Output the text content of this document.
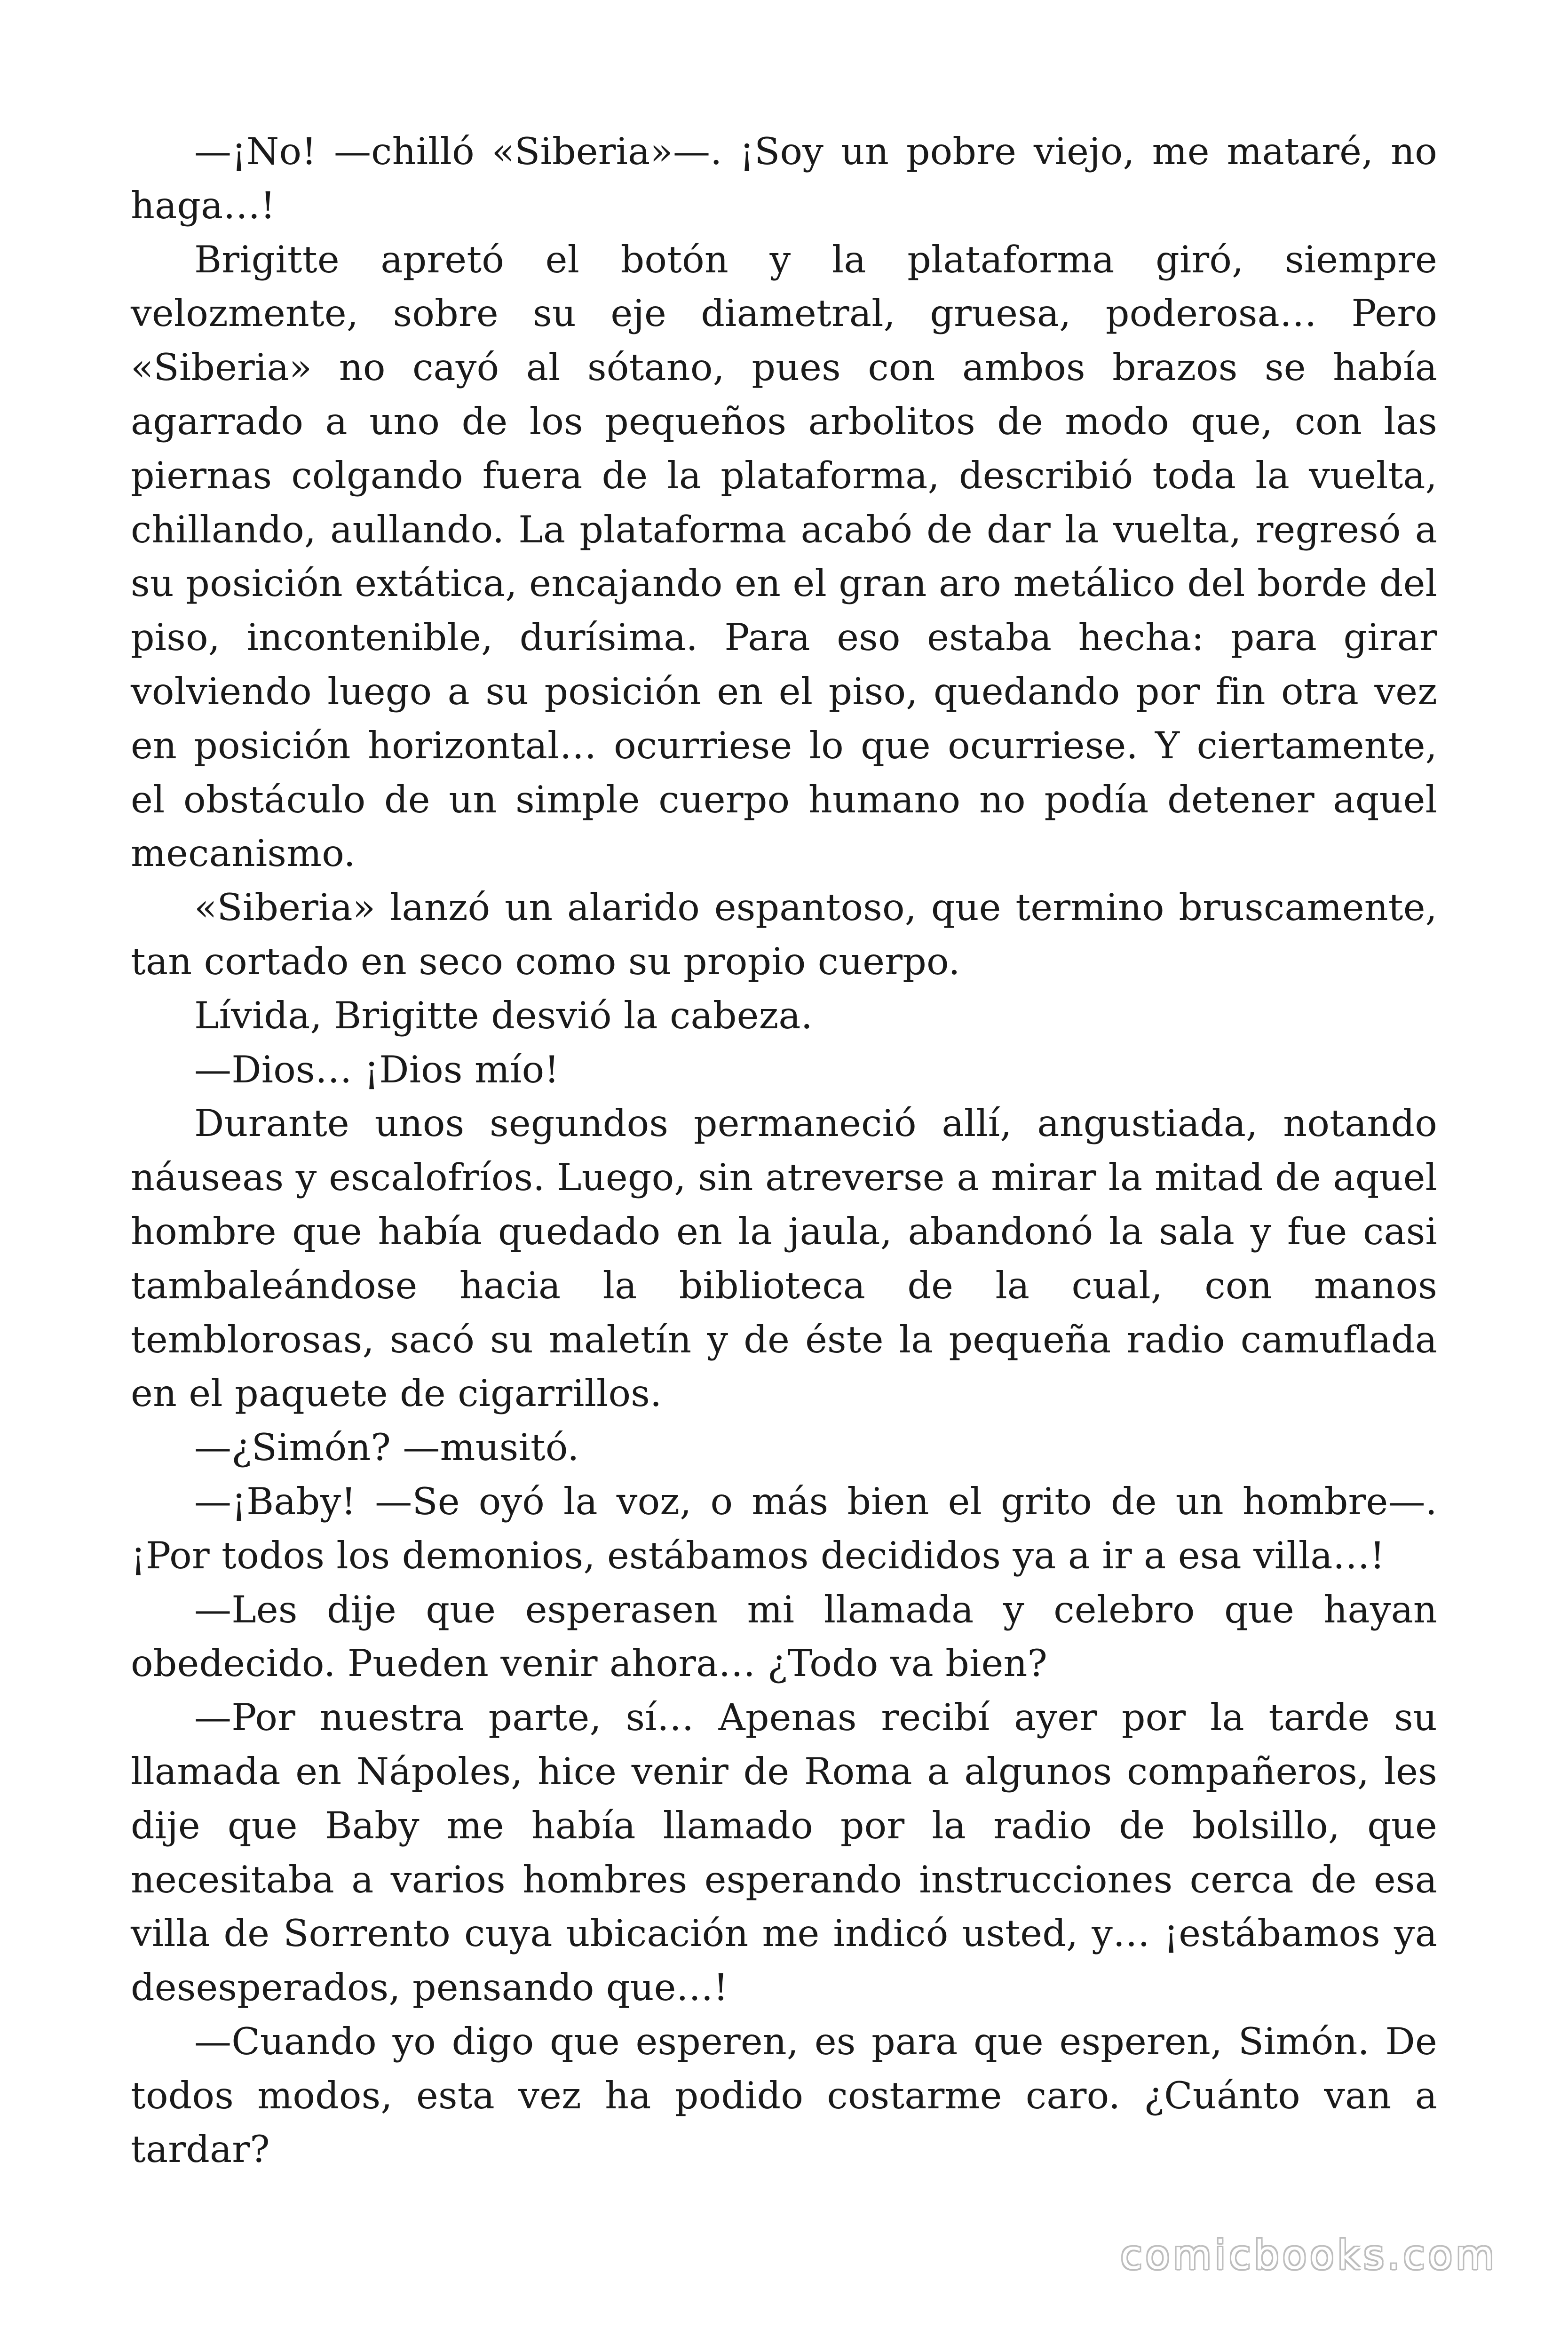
—¡No! —chilló «Siberia»—. ¡Soy un pobre viejo, me mataré, no haga…!

Brigitte apretó el botón y la plataforma giró, siempre velozmente, sobre su eje diametral, gruesa, poderosa… Pero «Siberia» no cayó al sótano, pues con ambos brazos se había agarrado a uno de los pequeños arbolitos de modo que, con las piernas colgando fuera de la plataforma, describió toda la vuelta, chillando, aullando. La plataforma acabó de dar la vuelta, regresó a su posición extática, encajando en el gran aro metálico del borde del piso, incontenible, durísima. Para eso estaba hecha: para girar volviendo luego a su posición en el piso, quedando por fin otra vez en posición horizontal… ocurriese lo que ocurriese. Y ciertamente, el obstáculo de un simple cuerpo humano no podía detener aquel mecanismo.

«Siberia» lanzó un alarido espantoso, que termino bruscamente, tan cortado en seco como su propio cuerpo.

Lívida, Brigitte desvió la cabeza.

—Dios… ¡Dios mío!

Durante unos segundos permaneció allí, angustiada, notando náuseas y escalofríos. Luego, sin atreverse a mirar la mitad de aquel hombre que había quedado en la jaula, abandonó la sala y fue casi tambaleándose hacia la biblioteca de la cual, con manos temblorosas, sacó su maletín y de éste la pequeña radio camuflada en el paquete de cigarrillos.

—¿Simón? —musitó.

—¡Baby! —Se oyó la voz, o más bien el grito de un hombre—. ¡Por todos los demonios, estábamos decididos ya a ir a esa villa…!

—Les dije que esperasen mi llamada y celebro que hayan obedecido. Pueden venir ahora… ¿Todo va bien?

—Por nuestra parte, sí… Apenas recibí ayer por la tarde su llamada en Nápoles, hice venir de Roma a algunos compañeros, les dije que Baby me había llamado por la radio de bolsillo, que necesitaba a varios hombres esperando instrucciones cerca de esa villa de Sorrento cuya ubicación me indicó usted, y… ¡estábamos ya desesperados, pensando que…!

—Cuando yo digo que esperen, es para que esperen, Simón. De todos modos, esta vez ha podido costarme caro. ¿Cuánto van a tardar?

comicbooks.com
